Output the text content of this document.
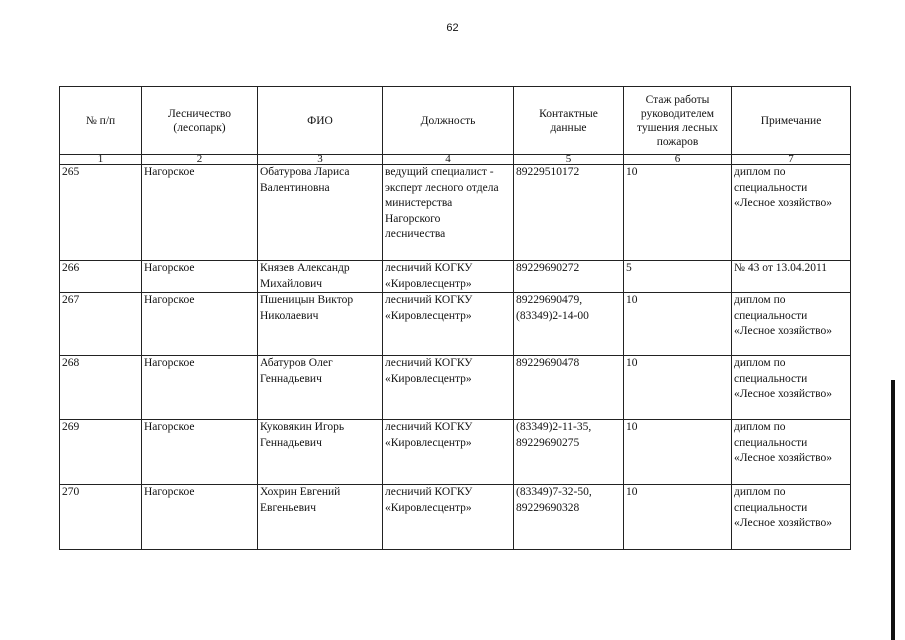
62
№ п/п	Лесничество
(лесопарк)	ФИО	Должность	Контактные
данные	Стаж работы
руководителем
тушения лесных
пожаров	Примечание
1	2	3	4	5	6	7
265	Нагорское	Обатурова Лариса
Валентиновна	ведущий специалист -
эксперт лесного отдела
министерства
Нагорского
лесничества	89229510172	10	диплом по
специальности
«Лесное хозяйство»
266	Нагорское	Князев Александр
Михайлович	лесничий КОГКУ
«Кировлесцентр»	89229690272	5	№ 43 от 13.04.2011
267	Нагорское	Пшеницын Виктор
Николаевич	лесничий КОГКУ
«Кировлесцентр»	89229690479,
(83349)2-14-00	10	диплом по
специальности
«Лесное хозяйство»
268	Нагорское	Абатуров Олег
Геннадьевич	лесничий КОГКУ
«Кировлесцентр»	89229690478	10	диплом по
специальности
«Лесное хозяйство»
269	Нагорское	Куковякин Игорь
Геннадьевич	лесничий КОГКУ
«Кировлесцентр»	(83349)2-11-35,
89229690275	10	диплом по
специальности
«Лесное хозяйство»
270	Нагорское	Хохрин Евгений
Евгеньевич	лесничий КОГКУ
«Кировлесцентр»	(83349)7-32-50,
89229690328	10	диплом по
специальности
«Лесное хозяйство»
